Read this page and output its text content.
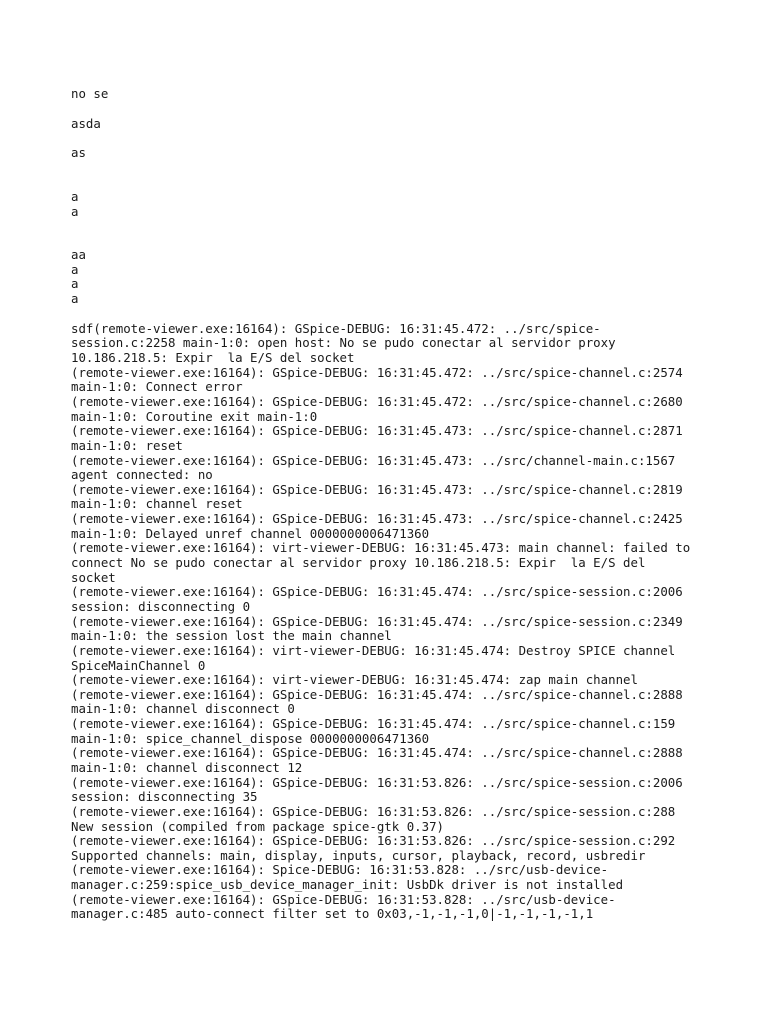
no se
asda
as
a
a
aa
a
a
a
sdf(remote-viewer.exe:16164): GSpice-DEBUG: 16:31:45.472: ../src/spice-
session.c:2258 main-1:0: open host: No se pudo conectar al servidor proxy
10.186.218.5: Expir  la E/S del socket
(remote-viewer.exe:16164): GSpice-DEBUG: 16:31:45.472: ../src/spice-channel.c:2574
main-1:0: Connect error
(remote-viewer.exe:16164): GSpice-DEBUG: 16:31:45.472: ../src/spice-channel.c:2680
main-1:0: Coroutine exit main-1:0
(remote-viewer.exe:16164): GSpice-DEBUG: 16:31:45.473: ../src/spice-channel.c:2871
main-1:0: reset
(remote-viewer.exe:16164): GSpice-DEBUG: 16:31:45.473: ../src/channel-main.c:1567
agent connected: no
(remote-viewer.exe:16164): GSpice-DEBUG: 16:31:45.473: ../src/spice-channel.c:2819
main-1:0: channel reset
(remote-viewer.exe:16164): GSpice-DEBUG: 16:31:45.473: ../src/spice-channel.c:2425
main-1:0: Delayed unref channel 0000000006471360
(remote-viewer.exe:16164): virt-viewer-DEBUG: 16:31:45.473: main channel: failed to
connect No se pudo conectar al servidor proxy 10.186.218.5: Expir  la E/S del
socket
(remote-viewer.exe:16164): GSpice-DEBUG: 16:31:45.474: ../src/spice-session.c:2006
session: disconnecting 0
(remote-viewer.exe:16164): GSpice-DEBUG: 16:31:45.474: ../src/spice-session.c:2349
main-1:0: the session lost the main channel
(remote-viewer.exe:16164): virt-viewer-DEBUG: 16:31:45.474: Destroy SPICE channel
SpiceMainChannel 0
(remote-viewer.exe:16164): virt-viewer-DEBUG: 16:31:45.474: zap main channel
(remote-viewer.exe:16164): GSpice-DEBUG: 16:31:45.474: ../src/spice-channel.c:2888
main-1:0: channel disconnect 0
(remote-viewer.exe:16164): GSpice-DEBUG: 16:31:45.474: ../src/spice-channel.c:159
main-1:0: spice_channel_dispose 0000000006471360
(remote-viewer.exe:16164): GSpice-DEBUG: 16:31:45.474: ../src/spice-channel.c:2888
main-1:0: channel disconnect 12
(remote-viewer.exe:16164): GSpice-DEBUG: 16:31:53.826: ../src/spice-session.c:2006
session: disconnecting 35
(remote-viewer.exe:16164): GSpice-DEBUG: 16:31:53.826: ../src/spice-session.c:288
New session (compiled from package spice-gtk 0.37)
(remote-viewer.exe:16164): GSpice-DEBUG: 16:31:53.826: ../src/spice-session.c:292
Supported channels: main, display, inputs, cursor, playback, record, usbredir
(remote-viewer.exe:16164): Spice-DEBUG: 16:31:53.828: ../src/usb-device-
manager.c:259:spice_usb_device_manager_init: UsbDk driver is not installed
(remote-viewer.exe:16164): GSpice-DEBUG: 16:31:53.828: ../src/usb-device-
manager.c:485 auto-connect filter set to 0x03,-1,-1,-1,0|-1,-1,-1,-1,1
